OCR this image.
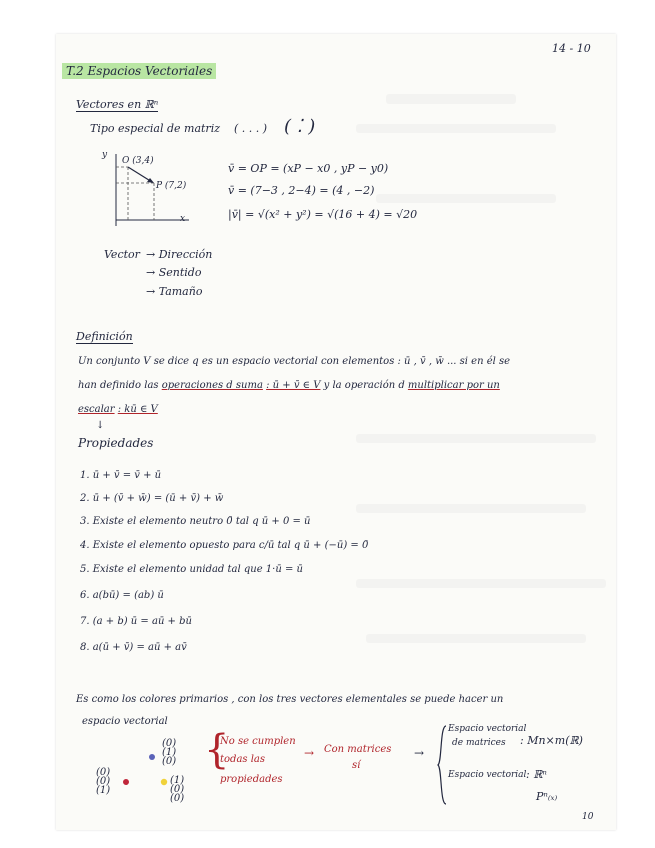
14 - 10
T.2 Espacios Vectoriales
Vectores en ℝⁿ
Tipo especial de matriz ( . . . ) ( ⁚ )
y
x
O (3,4)
P (7,2)
v̄ = OP = (xP − x0 , yP − y0)
v̄ = (7−3 , 2−4) = (4 , −2)
|v̄| = √(x² + y²) = √(16 + 4) = √20
Vector → Dirección
→ Sentido
→ Tamaño
Definición
Un conjunto V se dice q es un espacio vectorial con elementos : ū , v̄ , w̄ ... si en él se
han definido las operaciones d suma : ū + v̄ ∈ V y la operación d multiplicar por un
escalar : kū ∈ V
↓
Propiedades
1. ū + v̄ = v̄ + ū
2. ū + (v̄ + w̄) = (ū + v̄) + w̄
3. Existe el elemento neutro 0̄ tal q ū + 0 = ū
4. Existe el elemento opuesto para c/ū tal q ū + (−ū) = 0̄
5. Existe el elemento unidad tal que 1·ū = ū
6. a(bū) = (ab) ū
7. (a + b) ū = aū + bū
8. a(ū + v̄) = aū + av̄
Es como los colores primarios , con los tres vectores elementales se puede hacer un
espacio vectorial
(0)
(1)
(0)
(0)
(0)
(1)
(1)
(0)
(0)
{
No se cumplen
todas las
propiedades
→ Con matrices
sí
→
Espacio vectorial
de matrices : Mn×m(ℝ)
Espacio vectorial : ℝⁿ
Pⁿ₍ₓ₎
10
